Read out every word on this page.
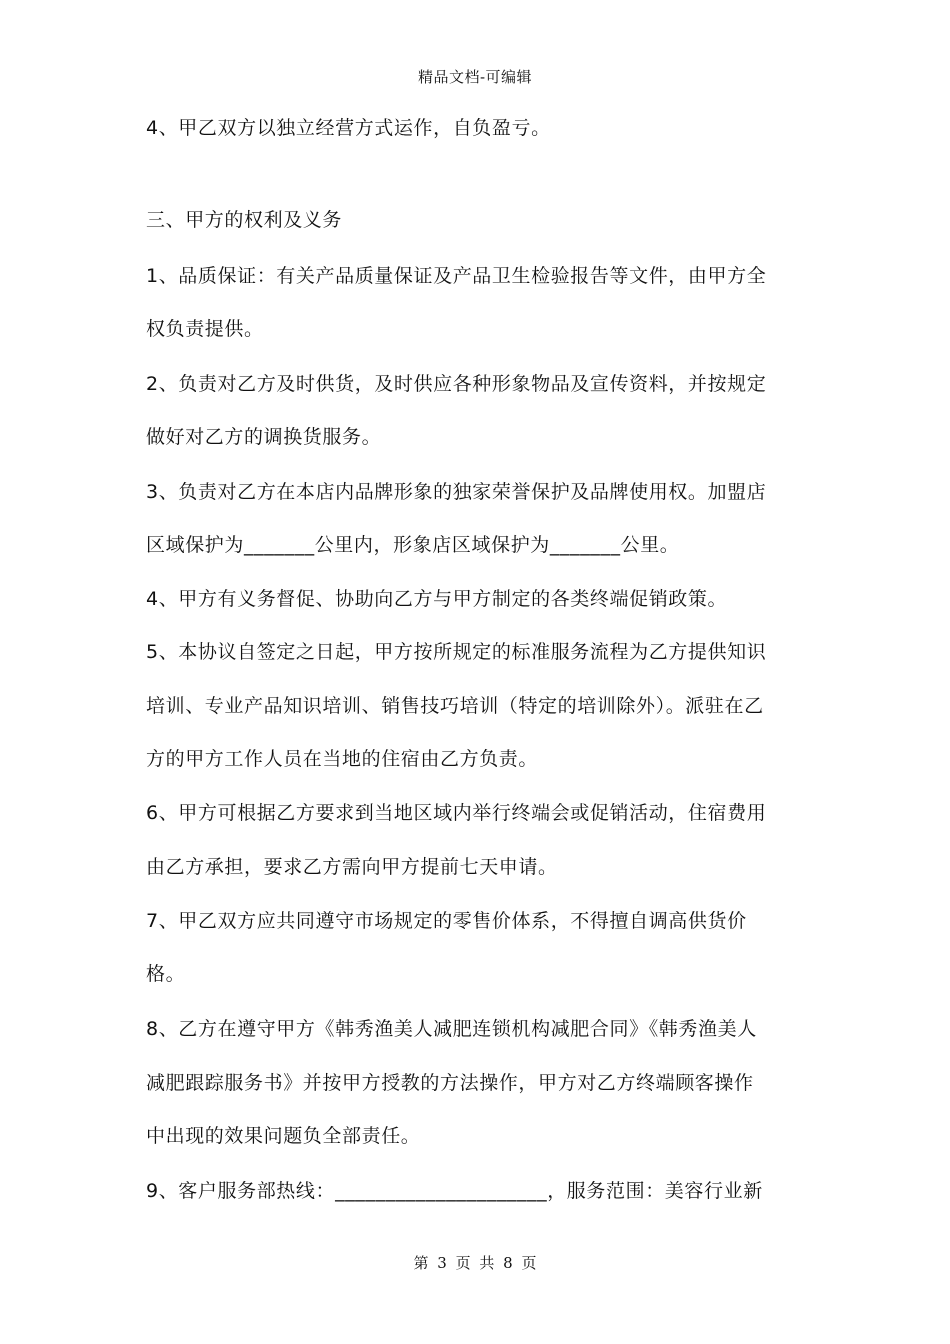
精品文档-可编辑
4、甲乙双方以独立经营方式运作，自负盈亏。
三、甲方的权利及义务
1、品质保证：有关产品质量保证及产品卫生检验报告等文件，由甲方全
权负责提供。
2、负责对乙方及时供货，及时供应各种形象物品及宣传资料，并按规定
做好对乙方的调换货服务。
3、负责对乙方在本店内品牌形象的独家荣誉保护及品牌使用权。加盟店
区域保护为_______公里内，形象店区域保护为_______公里。
4、甲方有义务督促、协助向乙方与甲方制定的各类终端促销政策。
5、本协议自签定之日起，甲方按所规定的标准服务流程为乙方提供知识
培训、专业产品知识培训、销售技巧培训（特定的培训除外）。派驻在乙
方的甲方工作人员在当地的住宿由乙方负责。
6、甲方可根据乙方要求到当地区域内举行终端会或促销活动，住宿费用
由乙方承担，要求乙方需向甲方提前七天申请。
7、甲乙双方应共同遵守市场规定的零售价体系，不得擅自调高供货价
格。
8、乙方在遵守甲方《韩秀渔美人减肥连锁机构减肥合同》《韩秀渔美人
减肥跟踪服务书》并按甲方授教的方法操作，甲方对乙方终端顾客操作
中出现的效果问题负全部责任。
9、客户服务部热线：_____________________，服务范围：美容行业新
第 3 页 共 8 页
